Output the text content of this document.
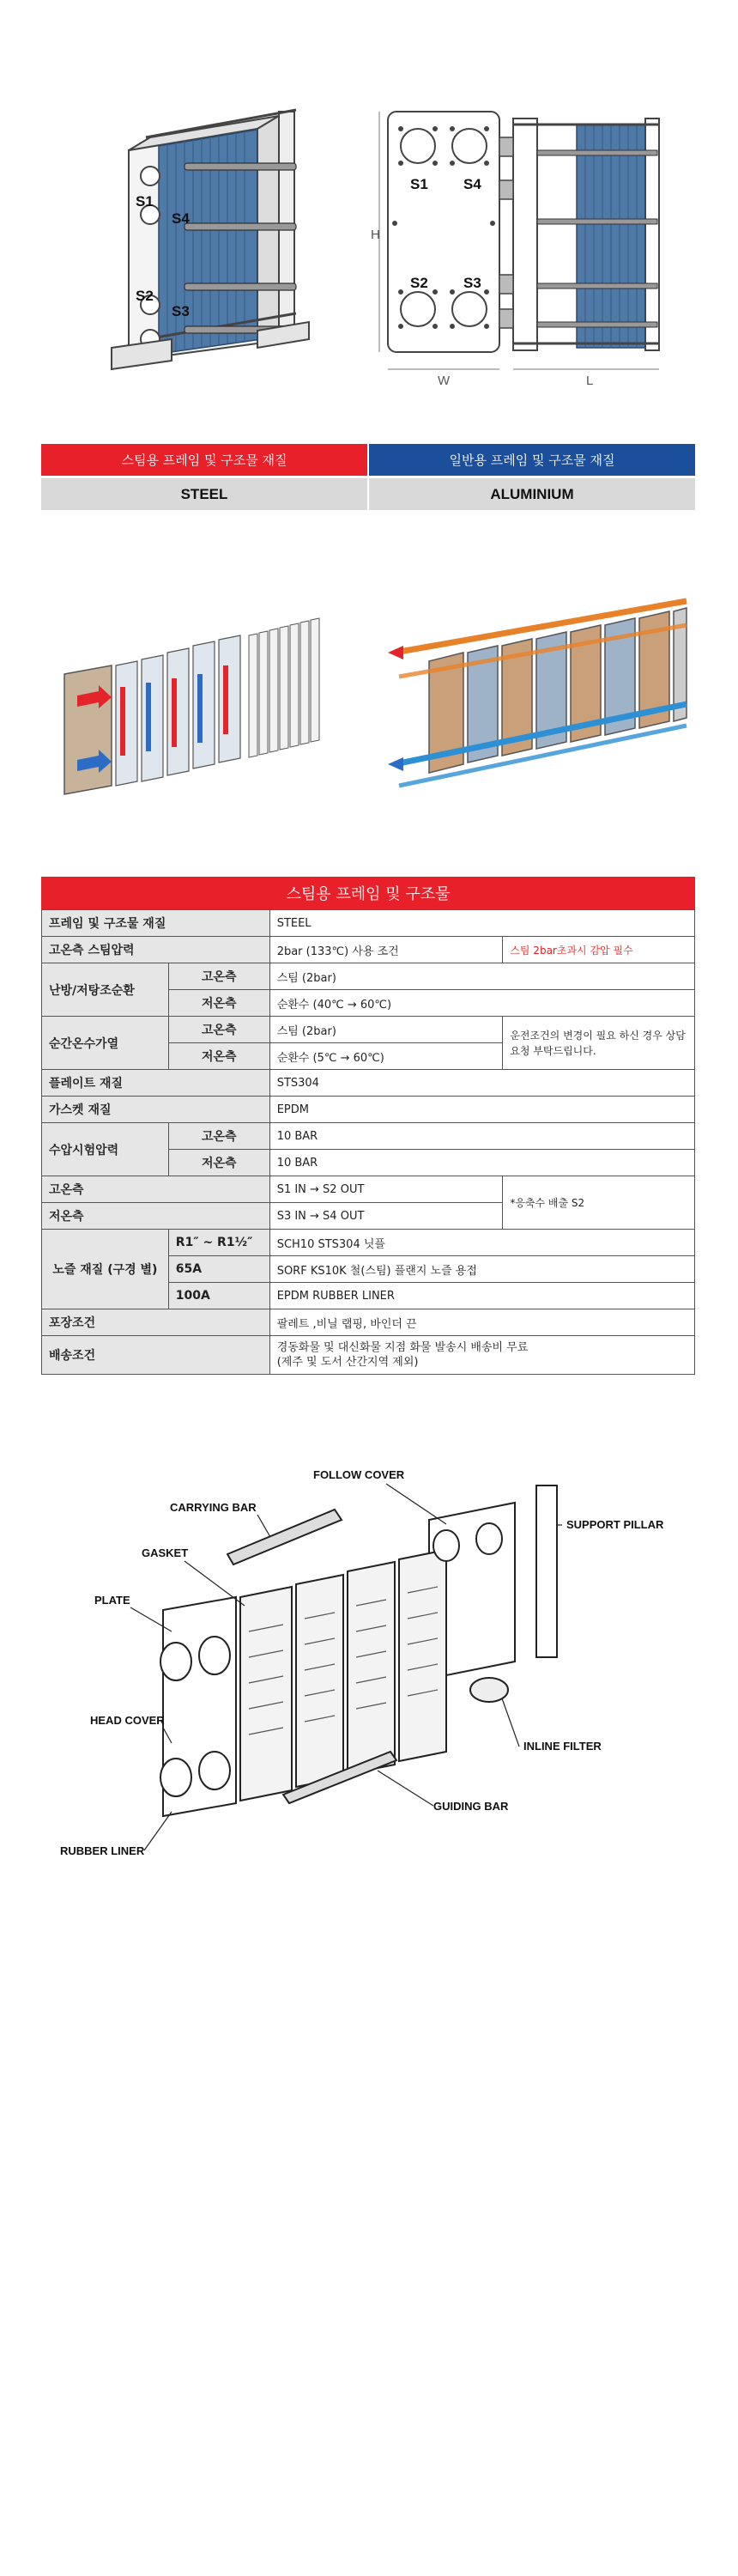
S1
S4
S2
S3
S1 S4
S2 S3
H
W	L
스팀용 프레임 및 구조물 재질	일반용 프레임 및 구조물 재질
STEEL	ALUMINIUM
스팀용 프레임 및 구조물
프레임 및 구조물 재질		STEEL	
고온측 스팀압력		2bar (133℃) 사용 조건	스팀 2bar초과시 감압 필수
난방/저탕조순환	고온측	스팀 (2bar)	
	저온측	순환수 (40℃ → 60℃)	
순간온수가열	고온측	스팀 (2bar)	운전조건의 변경이 필요 하신 경우 상담요청 부탁드립니다.
	저온측	순환수 (5℃ → 60℃)	
플레이트 재질		STS304	
가스켓 재질		EPDM	
수압시험압력	고온측	10 BAR	
	저온측	10 BAR	
고온측		S1 IN → S2 OUT	*응축수 배출 S2
저온측		S3 IN → S4 OUT	
노즐 재질 (구경 별)	R1″ ~ R1½″	SCH10 STS304 닛플	
	65A	SORF KS10K 철(스팀) 플랜지 노즐 용접	
	100A	EPDM RUBBER LINER	
포장조건		팔레트 ,비닐 랩핑, 바인더 끈	
배송조건		경동화물 및 대신화물 지점 화물 발송시 배송비 무료
(제주 및 도서 산간지역 제외)	
FOLLOW COVER
CARRYING BAR
SUPPORT PILLAR
GASKET
PLATE
HEAD COVER
INLINE FILTER
GUIDING BAR
RUBBER LINER
